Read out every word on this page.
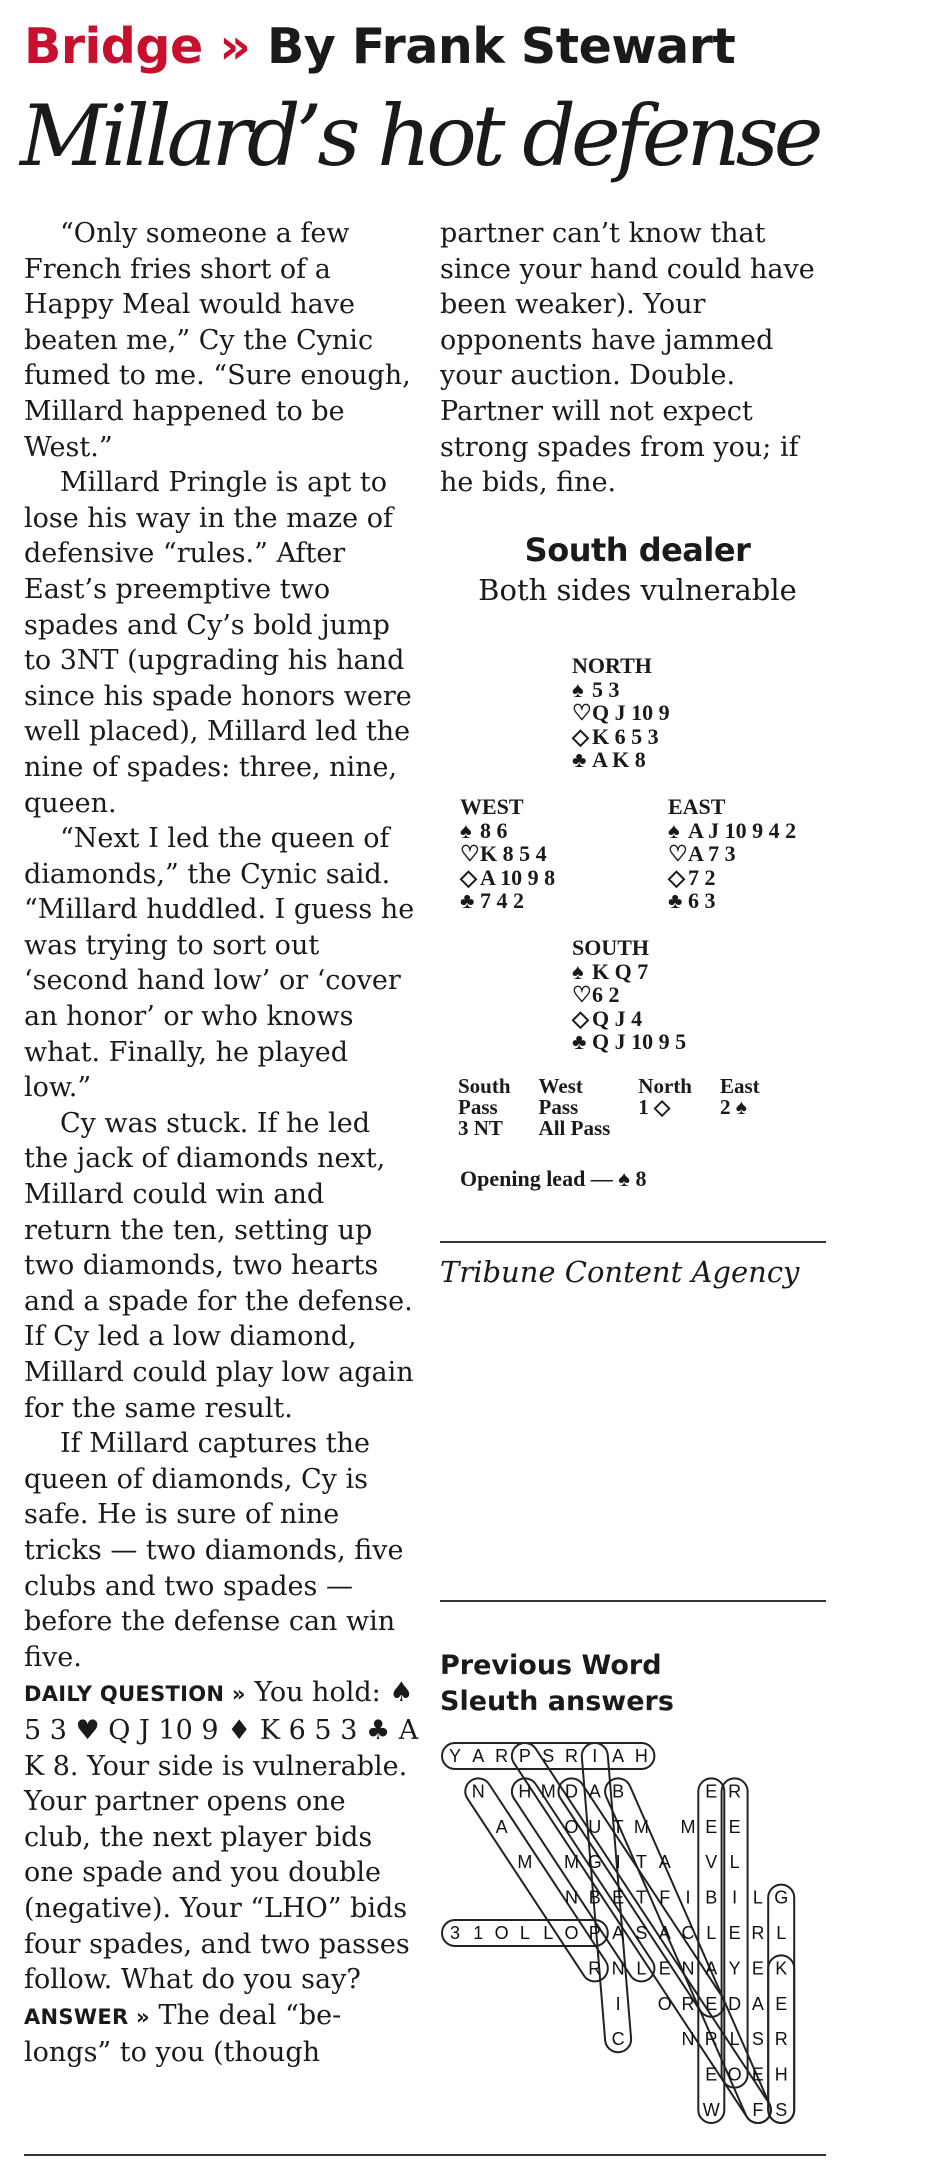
Bridge » By Frank Stewart
Millard’s hot defense

“Only someone a few French fries short of a Happy Meal would have beaten me,” Cy the Cynic fumed to me. “Sure enough, Millard happened to be West.”

Millard Pringle is apt to lose his way in the maze of defensive “rules.” After East’s preemptive two spades and Cy’s bold jump to 3NT (upgrading his hand since his spade honors were well placed), Millard led the nine of spades: three, nine, queen.

“Next I led the queen of diamonds,” the Cynic said. “Millard huddled. I guess he was trying to sort out ‘second hand low’ or ‘cover an honor’ or who knows what. Finally, he played low.”

Cy was stuck. If he led the jack of diamonds next, Millard could win and return the ten, setting up two diamonds, two hearts and a spade for the defense. If Cy led a low diamond, Millard could play low again for the same result.

If Millard captures the queen of diamonds, Cy is safe. He is sure of nine tricks — two diamonds, five clubs and two spades — before the defense can win five.

DAILY QUESTION » You hold: ♠ 5 3 ♥ Q J 10 9 ♦ K 6 5 3 ♣ A K 8. Your side is vulnerable. Your partner opens one club, the next player bids one spade and you double (negative). Your “LHO” bids four spades, and two passes follow. What do you say?

ANSWER » The deal “belongs” to you (though

partner can’t know that since your hand could have been weaker). Your opponents have jammed your auction. Double. Partner will not expect strong spades from you; if he bids, fine.

South dealer
Both sides vulnerable
NORTH
♠ 5 3
♡Q J 10 9
◇ K 6 5 3
♣ A K 8
WEST
♠ 8 6
♡K 8 5 4
◇ A 10 9 8
♣ 7 4 2
EAST
♠ A J 10 9 4 2
♡A 7 3
◇ 7 2
♣ 6 3
SOUTH
♠ K Q 7
♡6 2
◇ Q J 4
♣ Q J 10 9 5
South	West	North	East
Pass	Pass	1 ◇	2 ♠
3 NT	All Pass		
Opening lead — ♠ 8
Tribune Content Agency
Previous Word
Sleuth answers
Y A R P S R I A H
N H M D A B	E R
A	O U T M M E E
M M G I T A V L
N B E T F I B I L G
3 1 O L L O P A S A C L E R L
R N L E N A Y E K
I O R E D A E
C	N R L S R
E O E H
W F S
